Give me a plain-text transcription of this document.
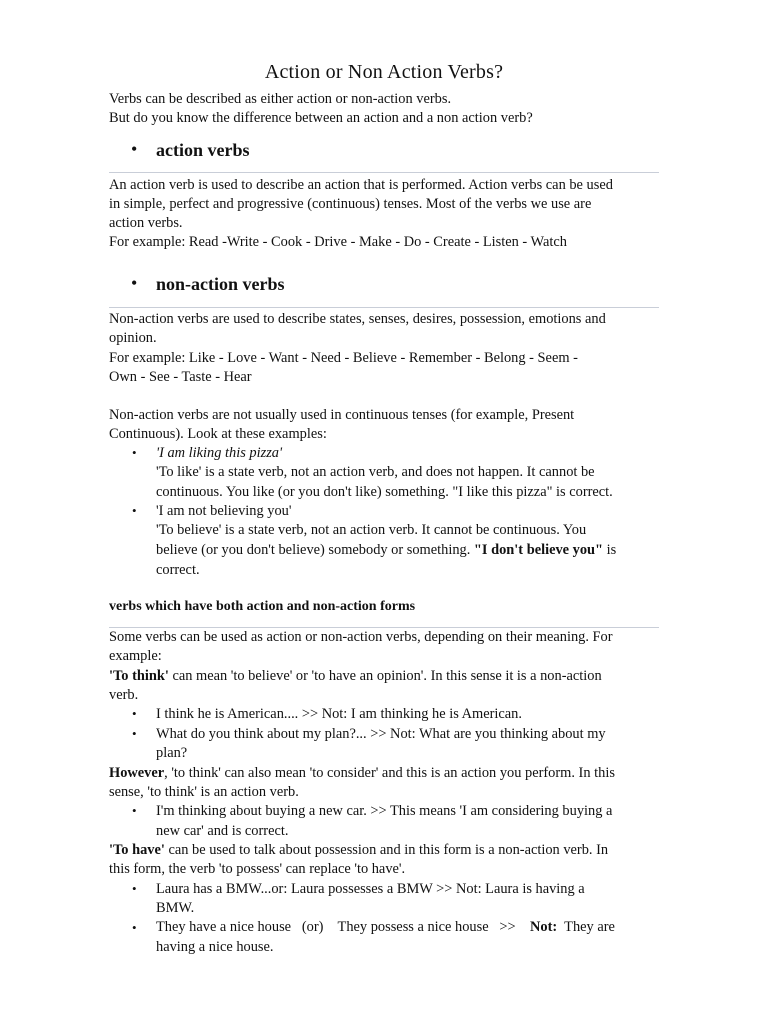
Action or Non Action Verbs?
Verbs can be described as either action or non-action verbs.
But do you know the difference between an action and a non action verb?
• action verbs
An action verb is used to describe an action that is performed. Action verbs can be used
in simple, perfect and progressive (continuous) tenses. Most of the verbs we use are
action verbs.
For example: Read -Write - Cook - Drive - Make - Do - Create - Listen - Watch
• non-action verbs
Non-action verbs are used to describe states, senses, desires, possession, emotions and
opinion.
For example: Like - Love - Want - Need - Believe - Remember - Belong - Seem -
Own - See - Taste - Hear
Non-action verbs are not usually used in continuous tenses (for example, Present
Continuous). Look at these examples:
• 'I am liking this pizza'
'To like' is a state verb, not an action verb, and does not happen. It cannot be
continuous. You like (or you don't like) something. "I like this pizza" is correct.
• 'I am not believing you'
'To believe' is a state verb, not an action verb. It cannot be continuous. You
believe (or you don't believe) somebody or something. "I don't believe you" is
correct.
verbs which have both action and non-action forms
Some verbs can be used as action or non-action verbs, depending on their meaning. For
example:
'To think' can mean 'to believe' or 'to have an opinion'. In this sense it is a non-action
verb.
• I think he is American.... >> Not: I am thinking he is American.
• What do you think about my plan?... >> Not: What are you thinking about my
plan?
However, 'to think' can also mean 'to consider' and this is an action you perform. In this
sense, 'to think' is an action verb.
• I'm thinking about buying a new car. >> This means 'I am considering buying a
new car' and is correct.
'To have' can be used to talk about possession and in this form is a non-action verb. In
this form, the verb 'to possess' can replace 'to have'.
• Laura has a BMW...or: Laura possesses a BMW >> Not: Laura is having a
BMW.
• They have a nice house   (or)    They possess a nice house   >>    Not:  They are
having a nice house.
